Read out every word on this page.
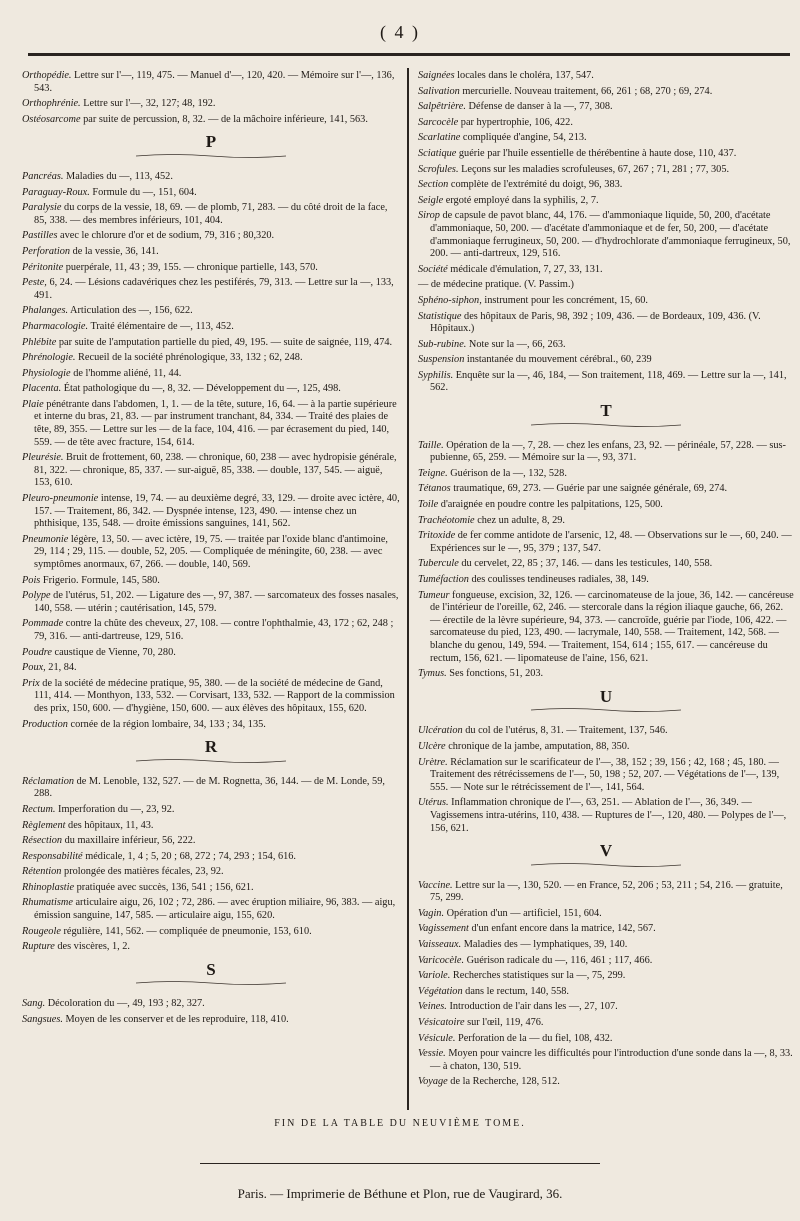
( 4 )
Orthopédie. Lettre sur l'—, 119, 475. — Manuel d'—, 120, 420. — Mémoire sur l'—, 136, 543.
Orthophrénie. Lettre sur l'—, 32, 127; 48, 192.
Ostéosarcome par suite de percussion, 8, 32. — de la mâchoire inférieure, 141, 563.
P
Pancréas. Maladies du —, 113, 452.
Paraguay-Roux. Formule du —, 151, 604.
Paralysie du corps de la vessie, 18, 69. — de plomb, 71, 283. — du côté droit de la face, 85, 338. — des membres inférieurs, 101, 404.
Pastilles avec le chlorure d'or et de sodium, 79, 316 ; 80,320.
Perforation de la vessie, 36, 141.
Péritonite puerpérale, 11, 43 ; 39, 155. — chronique partielle, 143, 570.
Peste, 6, 24. — Lésions cadavériques chez les pestiférés, 79, 313. — Lettre sur la —, 133, 491.
Phalanges. Articulation des —, 156, 622.
Pharmacologie. Traité élémentaire de —, 113, 452.
Phlébite par suite de l'amputation partielle du pied, 49, 195. — suite de saignée, 119, 474.
Phrénologie. Recueil de la société phrénologique, 33, 132 ; 62, 248.
Physiologie de l'homme aliéné, 11, 44.
Placenta. État pathologique du —, 8, 32. — Développement du —, 125, 498.
Plaie pénétrante dans l'abdomen, 1, 1. — de la tête, suture, 16, 64. — à la partie supérieure et interne du bras, 21, 83. — par instrument tranchant, 84, 334. — Traité des plaies de tête, 89, 355. — Lettre sur les — de la face, 104, 416. — par écrasement du pied, 140, 559. — de tête avec fracture, 154, 614.
Pleurésie. Bruit de frottement, 60, 238. — chronique, 60, 238 — avec hydropisie générale, 81, 322. — chronique, 85, 337. — sur-aiguë, 85, 338. — double, 137, 545. — aiguë, 153, 610.
Pleuro-pneumonie intense, 19, 74. — au deuxième degré, 33, 129. — droite avec ictère, 40, 157. — Traitement, 86, 342. — Dyspnée intense, 123, 490. — intense chez un phthisique, 135, 548. — droite émissions sanguines, 141, 562.
Pneumonie légère, 13, 50. — avec ictère, 19, 75. — traitée par l'oxide blanc d'antimoine, 29, 114 ; 29, 115. — double, 52, 205. — Compliquée de méningite, 60, 238. — avec symptômes anormaux, 67, 266. — double, 140, 569.
Pois Frigerio. Formule, 145, 580.
Polype de l'utérus, 51, 202. — Ligature des —, 97, 387. — sarcomateux des fosses nasales, 140, 558. — utérin ; cautérisation, 145, 579.
Pommade contre la chûte des cheveux, 27, 108. — contre l'ophthalmie, 43, 172 ; 62, 248 ; 79, 316. — anti-dartreuse, 129, 516.
Poudre caustique de Vienne, 70, 280.
Poux, 21, 84.
Prix de la société de médecine pratique, 95, 380. — de la société de médecine de Gand, 111, 414. — Monthyon, 133, 532. — Corvisart, 133, 532. — Rapport de la commission des prix, 150, 600. — d'hygiène, 150, 600. — aux élèves des hôpitaux, 155, 620.
Production cornée de la région lombaire, 34, 133 ; 34, 135.
R
Réclamation de M. Lenoble, 132, 527. — de M. Rognetta, 36, 144. — de M. Londe, 59, 288.
Rectum. Imperforation du —, 23, 92.
Règlement des hôpitaux, 11, 43.
Résection du maxillaire inférieur, 56, 222.
Responsabilité médicale, 1, 4 ; 5, 20 ; 68, 272 ; 74, 293 ; 154, 616.
Rétention prolongée des matières fécales, 23, 92.
Rhinoplastie pratiquée avec succès, 136, 541 ; 156, 621.
Rhumatisme articulaire aigu, 26, 102 ; 72, 286. — avec éruption miliaire, 96, 383. — aigu, émission sanguine, 147, 585. — articulaire aigu, 155, 620.
Rougeole régulière, 141, 562. — compliquée de pneumonie, 153, 610.
Rupture des viscères, 1, 2.
S
Sang. Décoloration du —, 49, 193 ; 82, 327.
Sangsues. Moyen de les conserver et de les reproduire, 118, 410.
Saignées locales dans le choléra, 137, 547.
Salivation mercurielle. Nouveau traitement, 66, 261 ; 68, 270 ; 69, 274.
Salpêtrière. Défense de danser à la —, 77, 308.
Sarcocèle par hypertrophie, 106, 422.
Scarlatine compliquée d'angine, 54, 213.
Sciatique guérie par l'huile essentielle de thérébentine à haute dose, 110, 437.
Scrofules. Leçons sur les maladies scrofuleuses, 67, 267 ; 71, 281 ; 77, 305.
Section complète de l'extrémité du doigt, 96, 383.
Seigle ergoté employé dans la syphilis, 2, 7.
Sirop de capsule de pavot blanc, 44, 176. — d'ammoniaque liquide, 50, 200, d'acétate d'ammoniaque, 50, 200. — d'acétate d'ammoniaque et de fer, 50, 200, — d'acétate d'ammoniaque ferrugineux, 50, 200. — d'hydrochlorate d'ammoniaque ferrugineux, 50, 200. — anti-dartreux, 129, 516.
Société médicale d'émulation, 7, 27, 33, 131.
— de médecine pratique. (V. Passim.)
Sphéno-siphon, instrument pour les concrément, 15, 60.
Statistique des hôpitaux de Paris, 98, 392 ; 109, 436. — de Bordeaux, 109, 436. (V. Hôpitaux.)
Sub-rubine. Note sur la —, 66, 263.
Suspension instantanée du mouvement cérébral., 60, 239
Syphilis. Enquête sur la —, 46, 184, — Son traitement, 118, 469. — Lettre sur la —, 141, 562.
T
Taille. Opération de la —, 7, 28. — chez les enfans, 23, 92. — périnéale, 57, 228. — sus-pubienne, 65, 259. — Mémoire sur la —, 93, 371.
Teigne. Guérison de la —, 132, 528.
Tétanos traumatique, 69, 273. — Guérie par une saignée générale, 69, 274.
Toile d'araignée en poudre contre les palpitations, 125, 500.
Trachéotomie chez un adulte, 8, 29.
Tritoxide de fer comme antidote de l'arsenic, 12, 48. — Observations sur le —, 60, 240. — Expériences sur le —, 95, 379 ; 137, 547.
Tubercule du cervelet, 22, 85 ; 37, 146. — dans les testicules, 140, 558.
Tuméfaction des coulisses tendineuses radiales, 38, 149.
Tumeur fongueuse, excision, 32, 126. — carcinomateuse de la joue, 36, 142. — cancéreuse de l'intérieur de l'oreille, 62, 246. — stercorale dans la région iliaque gauche, 66, 262. — érectile de la lèvre supérieure, 94, 373. — cancroïde, guérie par l'iode, 106, 422. — sarcomateuse du pied, 123, 490. — lacrymale, 140, 558. — Traitement, 142, 568. — blanche du genou, 149, 594. — Traitement, 154, 614 ; 155, 617. — cancéreuse du rectum, 156, 621. — lipomateuse de l'aine, 156, 621.
Tymus. Ses fonctions, 51, 203.
U
Ulcération du col de l'utérus, 8, 31. — Traitement, 137, 546.
Ulcère chronique de la jambe, amputation, 88, 350.
Urètre. Réclamation sur le scarificateur de l'—, 38, 152 ; 39, 156 ; 42, 168 ; 45, 180. — Traitement des rétrécissemens de l'—, 50, 198 ; 52, 207. — Végétations de l'—, 139, 555. — Note sur le rétrécissement de l'—, 141, 564.
Utérus. Inflammation chronique de l'—, 63, 251. — Ablation de l'—, 36, 349. — Vagissemens intra-utérins, 110, 438. — Ruptures de l'—, 120, 480. — Polypes de l'—, 156, 621.
V
Vaccine. Lettre sur la —, 130, 520. — en France, 52, 206 ; 53, 211 ; 54, 216. — gratuite, 75, 299.
Vagin. Opération d'un — artificiel, 151, 604.
Vagissement d'un enfant encore dans la matrice, 142, 567.
Vaisseaux. Maladies des — lymphatiques, 39, 140.
Varicocèle. Guérison radicale du —, 116, 461 ; 117, 466.
Variole. Recherches statistiques sur la —, 75, 299.
Végétation dans le rectum, 140, 558.
Veines. Introduction de l'air dans les —, 27, 107.
Vésicatoire sur l'œil, 119, 476.
Vésicule. Perforation de la — du fiel, 108, 432.
Vessie. Moyen pour vaincre les difficultés pour l'introduction d'une sonde dans la —, 8, 33. — à chaton, 130, 519.
Voyage de la Recherche, 128, 512.
FIN DE LA TABLE DU NEUVIÈME TOME.
Paris. — Imprimerie de Béthune et Plon, rue de Vaugirard, 36.
